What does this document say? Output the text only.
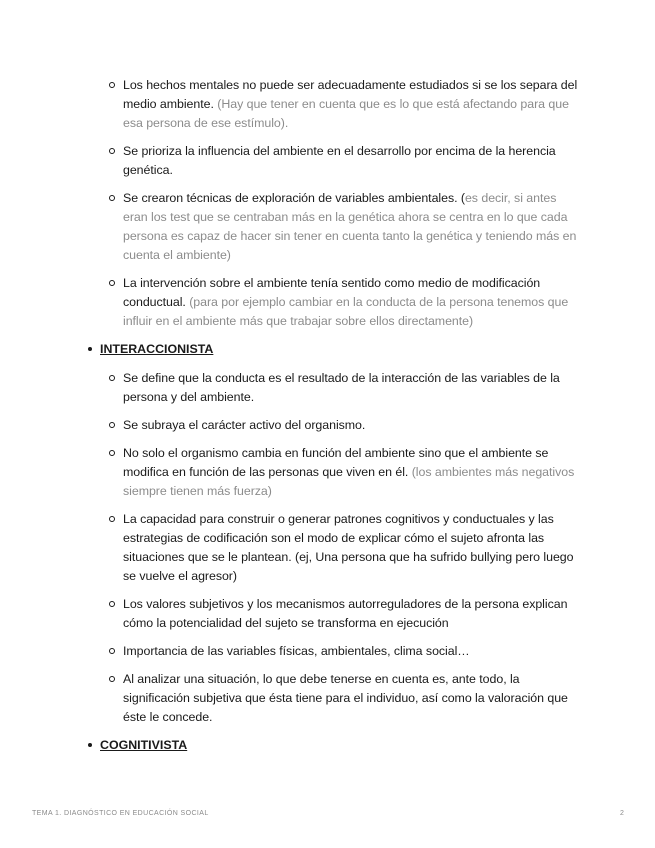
Los hechos mentales no puede ser adecuadamente estudiados si se los separa del medio ambiente. (Hay que tener en cuenta que es lo que está afectando para que esa persona de ese estímulo).
Se prioriza la influencia del ambiente en el desarrollo por encima de la herencia genética.
Se crearon técnicas de exploración de variables ambientales. (es decir, si antes eran los test que se centraban más en la genética ahora se centra en lo que cada persona es capaz de hacer sin tener en cuenta tanto la genética y teniendo más en cuenta el ambiente)
La intervención sobre el ambiente tenía sentido como medio de modificación conductual. (para por ejemplo cambiar en la conducta de la persona tenemos que influir en el ambiente más que trabajar sobre ellos directamente)
INTERACCIONISTA
Se define que la conducta es el resultado de la interacción de las variables de la persona y del ambiente.
Se subraya el carácter activo del organismo.
No solo el organismo cambia en función del ambiente sino que el ambiente se modifica en función de las personas que viven en él. (los ambientes más negativos siempre tienen más fuerza)
La capacidad para construir o generar patrones cognitivos y conductuales y las estrategias de codificación son el modo de explicar cómo el sujeto afronta las situaciones que se le plantean. (ej, Una persona que ha sufrido bullying pero luego se vuelve el agresor)
Los valores subjetivos y los mecanismos autorreguladores de la persona explican cómo la potencialidad del sujeto se transforma en ejecución
Importancia de las variables físicas, ambientales, clima social…
Al analizar una situación, lo que debe tenerse en cuenta es, ante todo, la significación subjetiva que ésta tiene para el individuo, así como la valoración que éste le concede.
COGNITIVISTA
TEMA 1. DIAGNÓSTICO EN EDUCACIÓN SOCIAL	2
